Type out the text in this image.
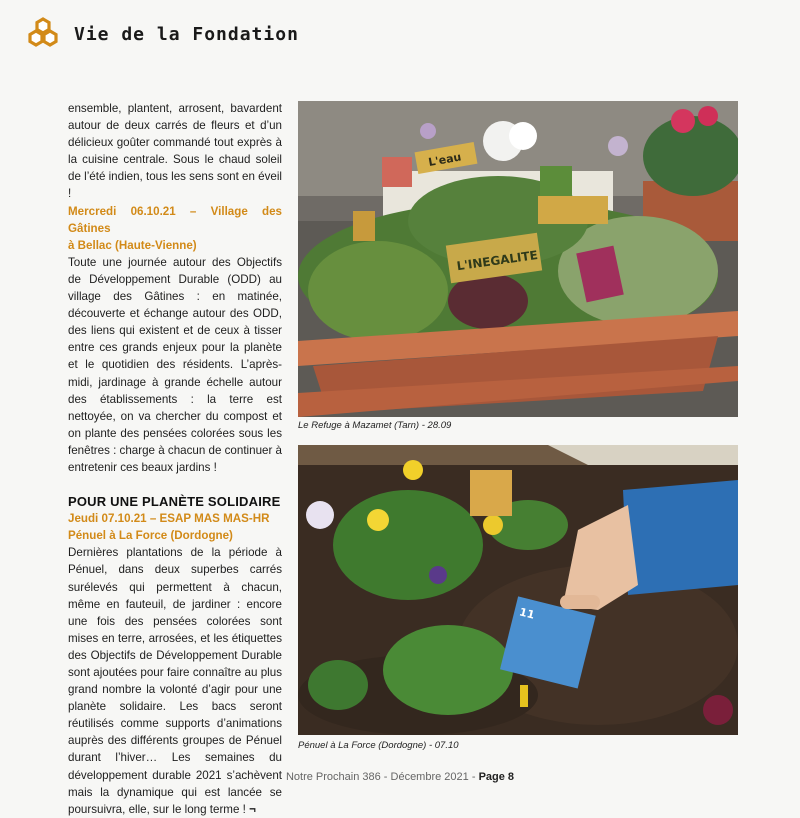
Vie de la Fondation

ensemble, plantent, arrosent, bavardent autour de deux carrés de fleurs et d’un délicieux goûter commandé tout exprès à la cuisine centrale. Sous le chaud soleil de l’été indien, tous les sens sont en éveil !

Mercredi 06.10.21 – Village des Gâtines
à Bellac (Haute-Vienne)

Toute une journée autour des Objectifs de Développement Durable (ODD) au village des Gâtines : en matinée, découverte et échange autour des ODD, des liens qui existent et de ceux à tisser entre ces grands enjeux pour la planète et le quotidien des résidents. L’après-midi, jardinage à grande échelle autour des établissements : la terre est nettoyée, on va chercher du compost et on plante des pensées colorées sous les fenêtres : charge à chacun de continuer à entretenir ces beaux jardins !

POUR UNE PLANÈTE SOLIDAIRE

Jeudi 07.10.21 – ESAP MAS MAS-HR
Pénuel à La Force (Dordogne)

Dernières plantations de la période à Pénuel, dans deux superbes carrés surélevés qui permettent à chacun, même en fauteuil, de jardiner : encore une fois des pensées colorées sont mises en terre, arrosées, et les étiquettes des Objectifs de Développement Durable sont ajoutées pour faire connaître au plus grand nombre la volonté d’agir pour une planète solidaire. Les bacs seront réutilisés comme supports d’animations auprès des différents groupes de Pénuel durant l’hiver… Les semaines du développement durable 2021 s’achèvent mais la dynamique qui est lancée se poursuivra, elle, sur le long terme ! ¬

L'INEGALITE
L'eau
Le Refuge à Mazamet (Tarn) - 28.09
11
Pénuel à La Force (Dordogne) - 07.10
Notre Prochain 386 - Décembre 2021 - Page 8
